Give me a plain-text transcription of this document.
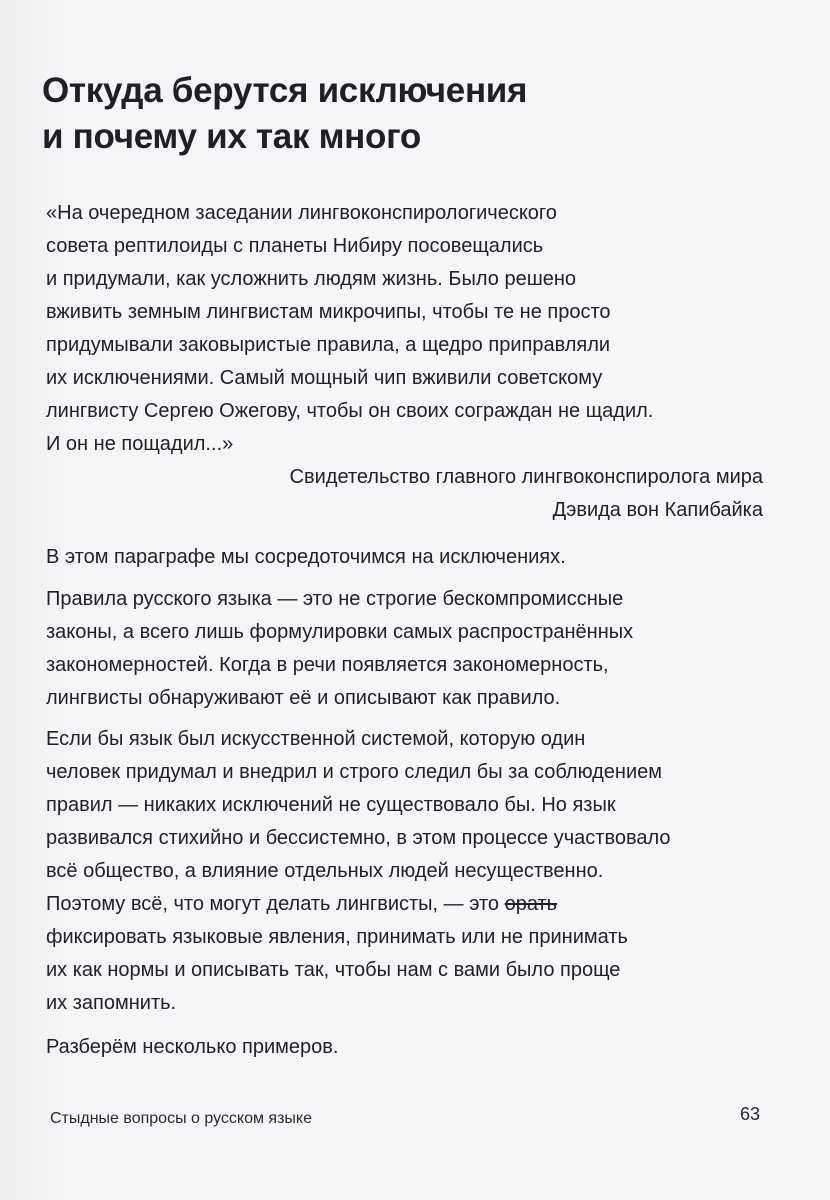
Откуда берутся исключения
и почему их так много
«На очередном заседании лингвоконспирологического
совета рептилоиды с планеты Нибиру посовещались
и придумали, как усложнить людям жизнь. Было решено
вживить земным лингвистам микрочипы, чтобы те не просто
придумывали заковыристые правила, а щедро приправляли
их исключениями. Самый мощный чип вживили советскому
лингвисту Сергею Ожегову, чтобы он своих сограждан не щадил.
И он не пощадил...»
Свидетельство главного лингвоконспиролога мира
Дэвида вон Капибайка
В этом параграфе мы сосредоточимся на исключениях.
Правила русского языка — это не строгие бескомпромиссные
законы, а всего лишь формулировки самых распространённых
закономерностей. Когда в речи появляется закономерность,
лингвисты обнаруживают её и описывают как правило.
Если бы язык был искусственной системой, которую один
человек придумал и внедрил и строго следил бы за соблюдением
правил — никаких исключений не существовало бы. Но язык
развивался стихийно и бессистемно, в этом процессе участвовало
всё общество, а влияние отдельных людей несущественно.
Поэтому всё, что могут делать лингвисты, — это орать
фиксировать языковые явления, принимать или не принимать
их как нормы и описывать так, чтобы нам с вами было проще
их запомнить.
Разберём несколько примеров.
Стыдные вопросы о русском языке	63
